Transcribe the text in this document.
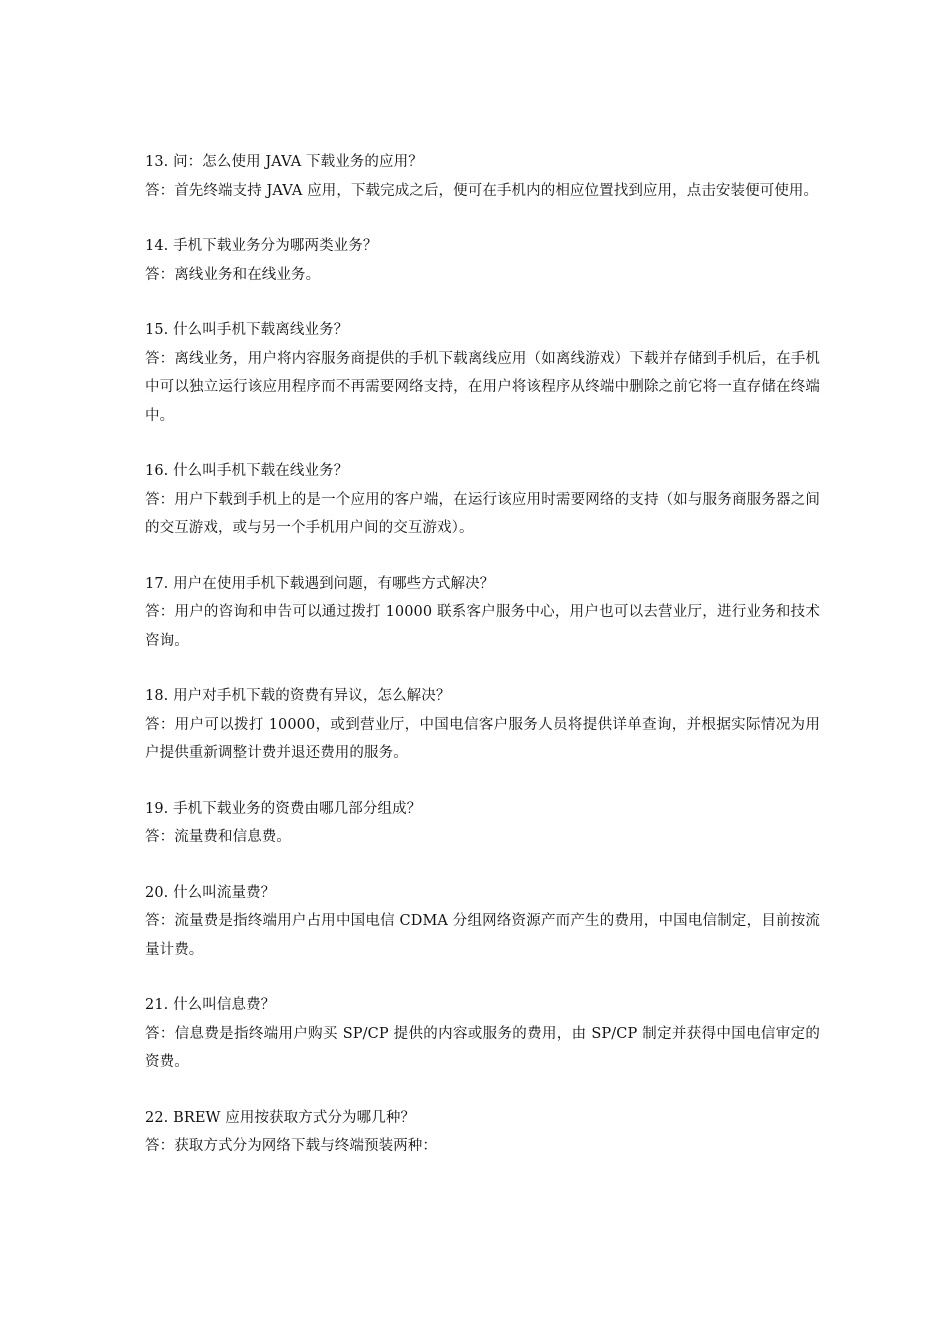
13. 问：怎么使用 JAVA 下载业务的应用？
答：首先终端支持 JAVA 应用，下载完成之后，便可在手机内的相应位置找到应用，点击安装便可使用。
14. 手机下载业务分为哪两类业务？
答：离线业务和在线业务。
15. 什么叫手机下载离线业务？
答：离线业务，用户将内容服务商提供的手机下载离线应用（如离线游戏）下载并存储到手机后，在手机中可以独立运行该应用程序而不再需要网络支持，在用户将该程序从终端中删除之前它将一直存储在终端中。
16. 什么叫手机下载在线业务？
答：用户下载到手机上的是一个应用的客户端，在运行该应用时需要网络的支持（如与服务商服务器之间的交互游戏，或与另一个手机用户间的交互游戏）。
17. 用户在使用手机下载遇到问题，有哪些方式解决？
答：用户的咨询和申告可以通过拨打 10000 联系客户服务中心，用户也可以去营业厅，进行业务和技术咨询。
18. 用户对手机下载的资费有异议，怎么解决？
答：用户可以拨打 10000，或到营业厅，中国电信客户服务人员将提供详单查询，并根据实际情况为用户提供重新调整计费并退还费用的服务。
19. 手机下载业务的资费由哪几部分组成？
答：流量费和信息费。
20. 什么叫流量费？
答：流量费是指终端用户占用中国电信 CDMA 分组网络资源产而产生的费用，中国电信制定，目前按流量计费。
21. 什么叫信息费？
答：信息费是指终端用户购买 SP/CP 提供的内容或服务的费用，由 SP/CP 制定并获得中国电信审定的资费。
22. BREW 应用按获取方式分为哪几种？
答：获取方式分为网络下载与终端预装两种：
